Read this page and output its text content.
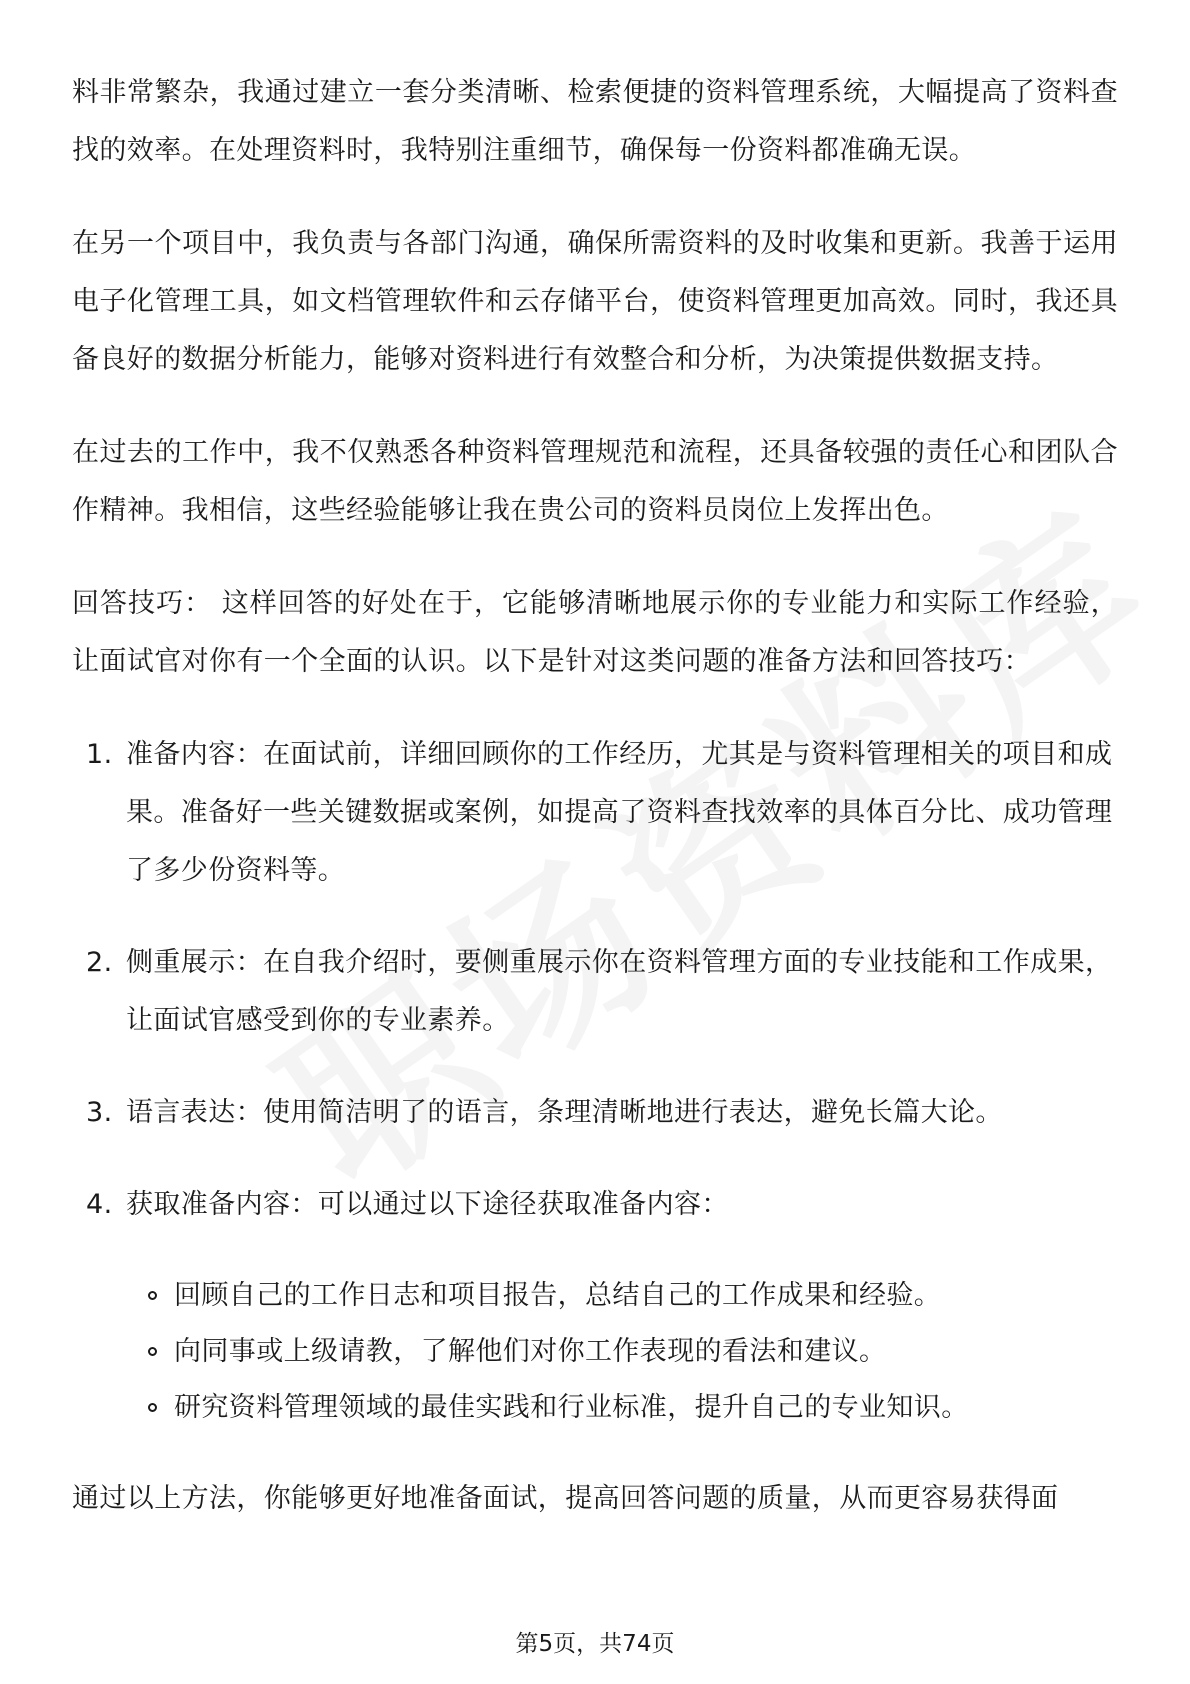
料非常繁杂，我通过建立一套分类清晰、检索便捷的资料管理系统，大幅提高了资料查找的效率。在处理资料时，我特别注重细节，确保每一份资料都准确无误。

在另一个项目中，我负责与各部门沟通，确保所需资料的及时收集和更新。我善于运用电子化管理工具，如文档管理软件和云存储平台，使资料管理更加高效。同时，我还具备良好的数据分析能力，能够对资料进行有效整合和分析，为决策提供数据支持。

在过去的工作中，我不仅熟悉各种资料管理规范和流程，还具备较强的责任心和团队合作精神。我相信，这些经验能够让我在贵公司的资料员岗位上发挥出色。

回答技巧： 这样回答的好处在于，它能够清晰地展示你的专业能力和实际工作经验，让面试官对你有一个全面的认识。以下是针对这类问题的准备方法和回答技巧：

1. 准备内容：在面试前，详细回顾你的工作经历，尤其是与资料管理相关的项目和成果。准备好一些关键数据或案例，如提高了资料查找效率的具体百分比、成功管理了多少份资料等。
2. 侧重展示：在自我介绍时，要侧重展示你在资料管理方面的专业技能和工作成果，让面试官感受到你的专业素养。
3. 语言表达：使用简洁明了的语言，条理清晰地进行表达，避免长篇大论。
4. 获取准备内容：可以通过以下途径获取准备内容：
回顾自己的工作日志和项目报告，总结自己的工作成果和经验。
向同事或上级请教，了解他们对你工作表现的看法和建议。
研究资料管理领域的最佳实践和行业标准，提升自己的专业知识。

通过以上方法，你能够更好地准备面试，提高回答问题的质量，从而更容易获得面

第5页，共74页
